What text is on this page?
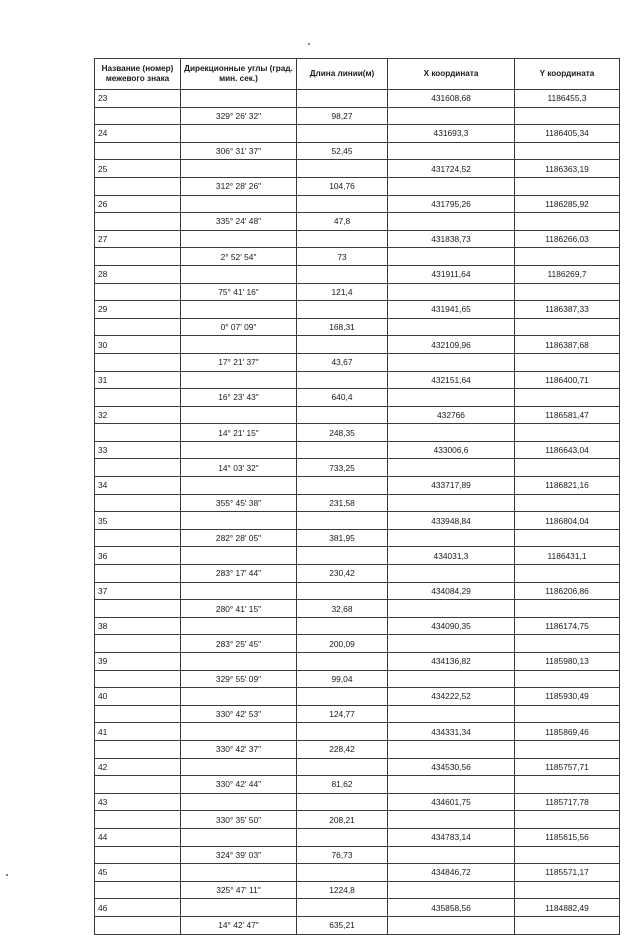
Название (номер) межевого знака	Дирекционные углы (град. мин. сек.)	Длина линии(м)	X координата	Y координата
23			431608,68	1186455,3
	329° 26' 32"	98,27		
24			431693,3	1186405,34
	306° 31' 37"	52,45		
25			431724,52	1186363,19
	312° 28' 26"	104,76		
26			431795,26	1186285,92
	335° 24' 48"	47,8		
27			431838,73	1186266,03
	2° 52' 54"	73		
28			431911,64	1186269,7
	75° 41' 16"	121,4		
29			431941,65	1186387,33
	0° 07' 09"	168,31		
30			432109,96	1186387,68
	17° 21' 37"	43,67		
31			432151,64	1186400,71
	16° 23' 43"	640,4		
32			432766	1186581,47
	14° 21' 15"	248,35		
33			433006,6	1186643,04
	14° 03' 32"	733,25		
34			433717,89	1186821,16
	355° 45' 38"	231,58		
35			433948,84	1186804,04
	282° 28' 05"	381,95		
36			434031,3	1186431,1
	283° 17' 44"	230,42		
37			434084,29	1186206,86
	280° 41' 15"	32,68		
38			434090,35	1186174,75
	283° 25' 45"	200,09		
39			434136,82	1185980,13
	329° 55' 09"	99,04		
40			434222,52	1185930,49
	330° 42' 53"	124,77		
41			434331,34	1185869,46
	330° 42' 37"	228,42		
42			434530,56	1185757,71
	330° 42' 44"	81,62		
43			434601,75	1185717,78
	330° 35' 50"	208,21		
44			434783,14	1185615,56
	324° 39' 03"	76,73		
45			434846,72	1185571,17
	325° 47' 11"	1224,8		
46			435858,56	1184882,49
	14° 42' 47"	635,21		
